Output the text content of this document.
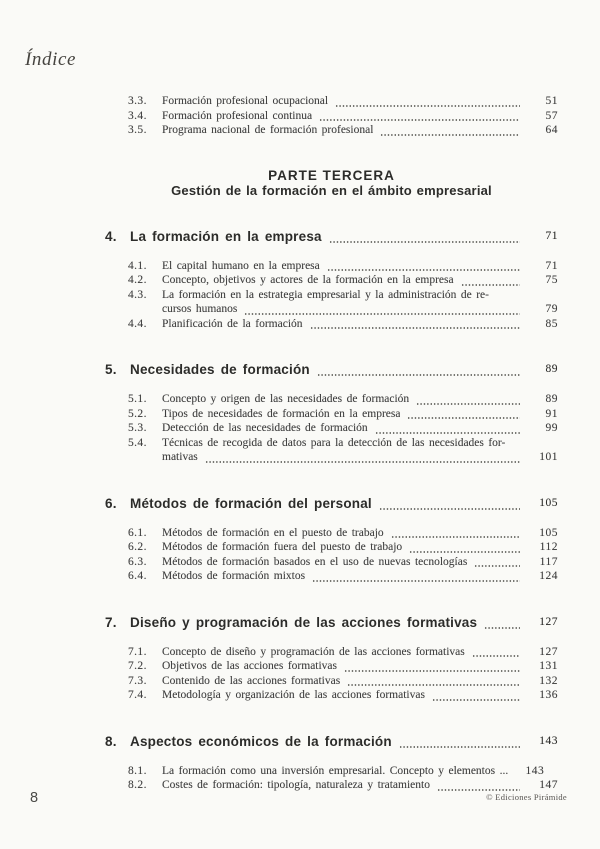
Índice
3.3.	Formación profesional ocupacional	51
3.4.	Formación profesional continua	57
3.5.	Programa nacional de formación profesional	64
PARTE TERCERA
Gestión de la formación en el ámbito empresarial
4. La formación en la empresa	71
4.1.	El capital humano en la empresa	71
4.2.	Concepto, objetivos y actores de la formación en la empresa	75
4.3.	La formación en la estrategia empresarial y la administración de re-
cursos humanos	79
4.4.	Planificación de la formación	85
5. Necesidades de formación	89
5.1.	Concepto y origen de las necesidades de formación	89
5.2.	Tipos de necesidades de formación en la empresa	91
5.3.	Detección de las necesidades de formación	99
5.4.	Técnicas de recogida de datos para la detección de las necesidades for-
mativas	101
6. Métodos de formación del personal	105
6.1.	Métodos de formación en el puesto de trabajo	105
6.2.	Métodos de formación fuera del puesto de trabajo	112
6.3.	Métodos de formación basados en el uso de nuevas tecnologías	117
6.4.	Métodos de formación mixtos	124
7. Diseño y programación de las acciones formativas	127
7.1.	Concepto de diseño y programación de las acciones formativas	127
7.2.	Objetivos de las acciones formativas	131
7.3.	Contenido de las acciones formativas	132
7.4.	Metodología y organización de las acciones formativas	136
8. Aspectos económicos de la formación	143
8.1.	La formación como una inversión empresarial. Concepto y elementos ...	143
8.2.	Costes de formación: tipología, naturaleza y tratamiento	147
8	© Ediciones Pirámide
